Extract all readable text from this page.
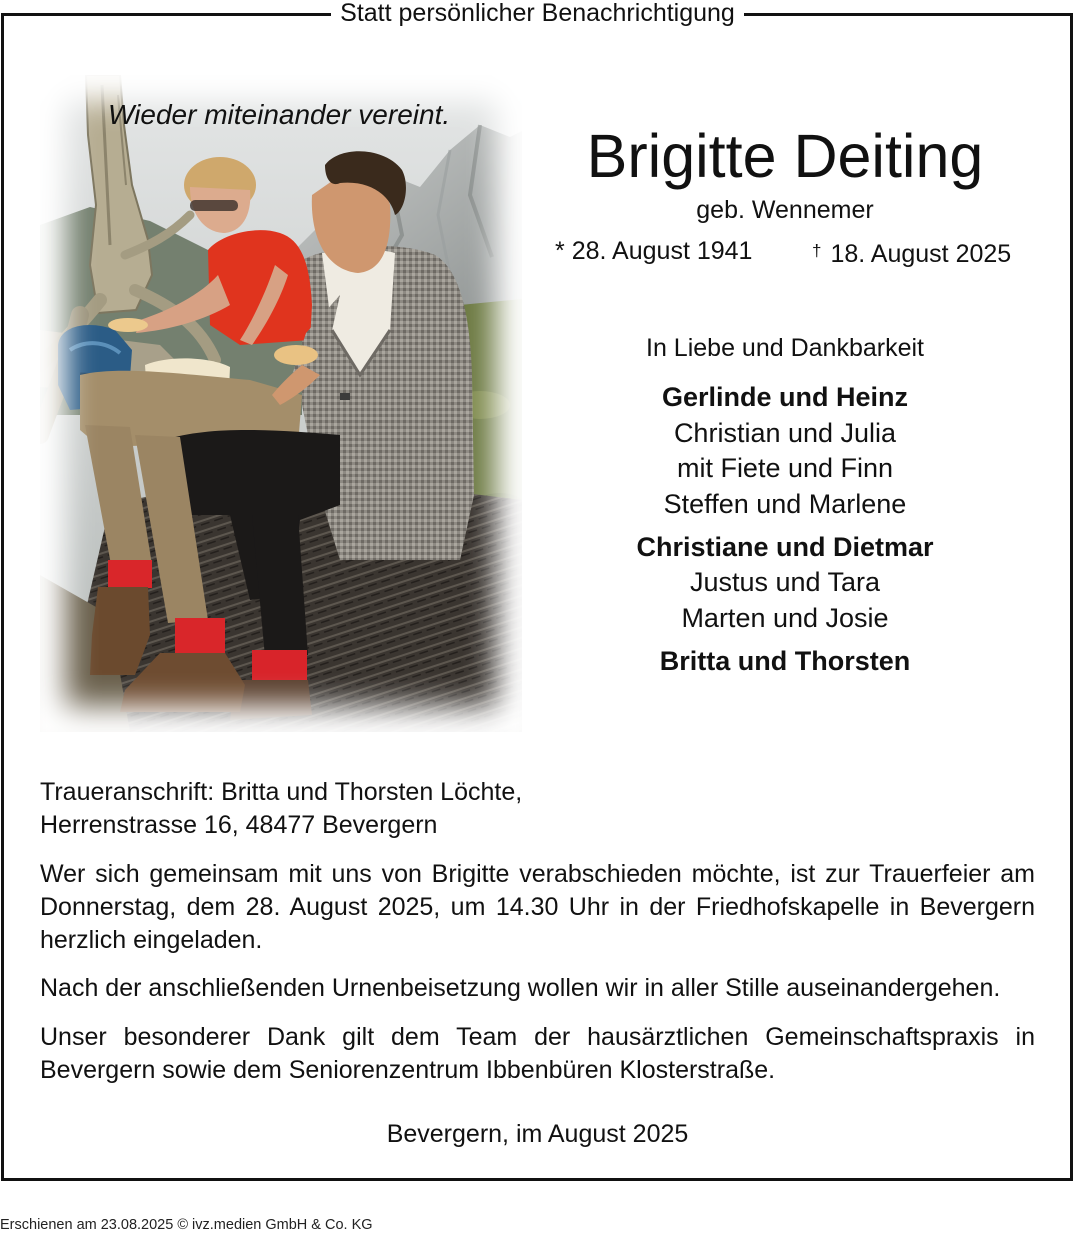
Statt persönlicher Benachrichtigung
Wieder miteinander vereint.
Brigitte Deiting
geb. Wennemer
* 28. August 1941	† 18. August 2025
In Liebe und Dankbarkeit
Gerlinde und Heinz
Christian und Julia
mit Fiete und Finn
Steffen und Marlene
Christiane und Dietmar
Justus und Tara
Marten und Josie
Britta und Thorsten
Traueranschrift: Britta und Thorsten Löchte,
Herrenstrasse 16, 48477 Bevergern

Wer sich gemeinsam mit uns von Brigitte verabschieden möchte, ist zur Trauerfeier am Donnerstag, dem 28. August 2025, um 14.30 Uhr in der Friedhofskapelle in Bevergern herzlich eingeladen.

Nach der anschließenden Urnenbeisetzung wollen wir in aller Stille auseinandergehen.

Unser besonderer Dank gilt dem Team der hausärztlichen Gemeinschaftspraxis in Bevergern sowie dem Seniorenzentrum Ibbenbüren Klosterstraße.

Bevergern, im August 2025
Erschienen am 23.08.2025 © ivz.medien GmbH & Co. KG
